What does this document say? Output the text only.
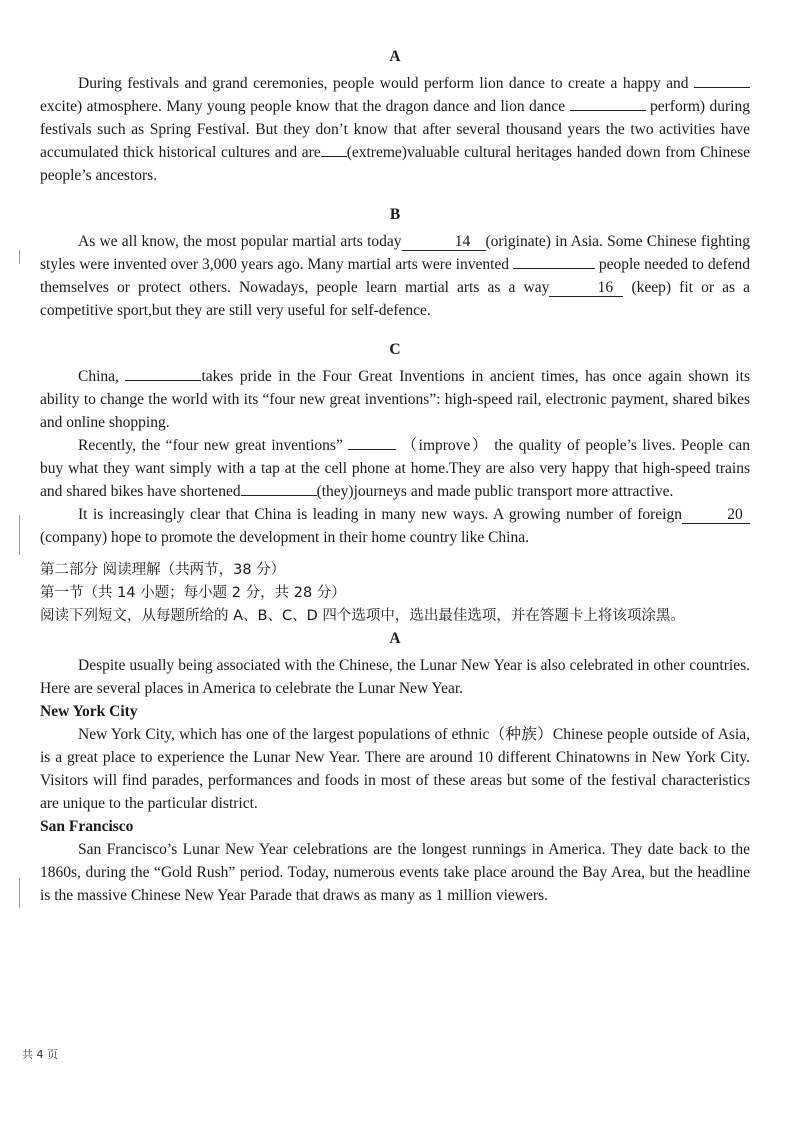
A

During festivals and grand ceremonies, people would perform lion dance to create a happy and  excite) atmosphere. Many young people know that the dragon dance and lion dance	perform) during festivals such as Spring Festival. But they don’t know that after several thousand years the two activities have accumulated thick historical cultures and are (extreme)valuable cultural heritages handed down from Chinese people’s ancestors.

B

As we all know, the most popular martial arts today	14 (originate) in Asia. Some Chinese fighting styles were invented over 3,000 years ago. Many martial arts were invented	people needed to defend themselves or protect others. Nowadays, people learn martial arts as a way	16 (keep) fit or as a competitive sport,but they are still very useful for self-defence.

C

China,	takes pride in the Four Great Inventions in ancient times, has once again shown its ability to change the world with its “four new great inventions”: high-speed rail, electronic payment, shared bikes and online shopping.

Recently, the “four new great inventions”	（improve） the quality of people’s lives. People can buy what they want simply with a tap at the cell phone at home.They are also very happy that high-speed trains and shared bikes have shortened	(they)journeys and made public transport more attractive.

It is increasingly clear that China is leading in many new ways. A growing number of foreign	20(company) hope to promote the development in their home country like China.

第二部分 阅读理解（共两节，38 分）

第一节（共 14 小题；每小题 2 分，共 28 分）

阅读下列短文，从每题所给的 A、B、C、D 四个选项中，选出最佳选项，并在答题卡上将该项涂黑。

A

Despite usually being associated with the Chinese, the Lunar New Year is also celebrated in other countries. Here are several places in America to celebrate the Lunar New Year.

New York City

New York City, which has one of the largest populations of ethnic（种族）Chinese people outside of Asia, is a great place to experience the Lunar New Year. There are around 10 different Chinatowns in New York City. Visitors will find parades, performances and foods in most of these areas but some of the festival characteristics are unique to the particular district.

San Francisco

San Francisco’s Lunar New Year celebrations are the longest runnings in America. They date back to the 1860s, during the “Gold Rush” period. Today, numerous events take place around the Bay Area, but the headline is the massive Chinese New Year Parade that draws as many as 1 million viewers.

共 4 页
